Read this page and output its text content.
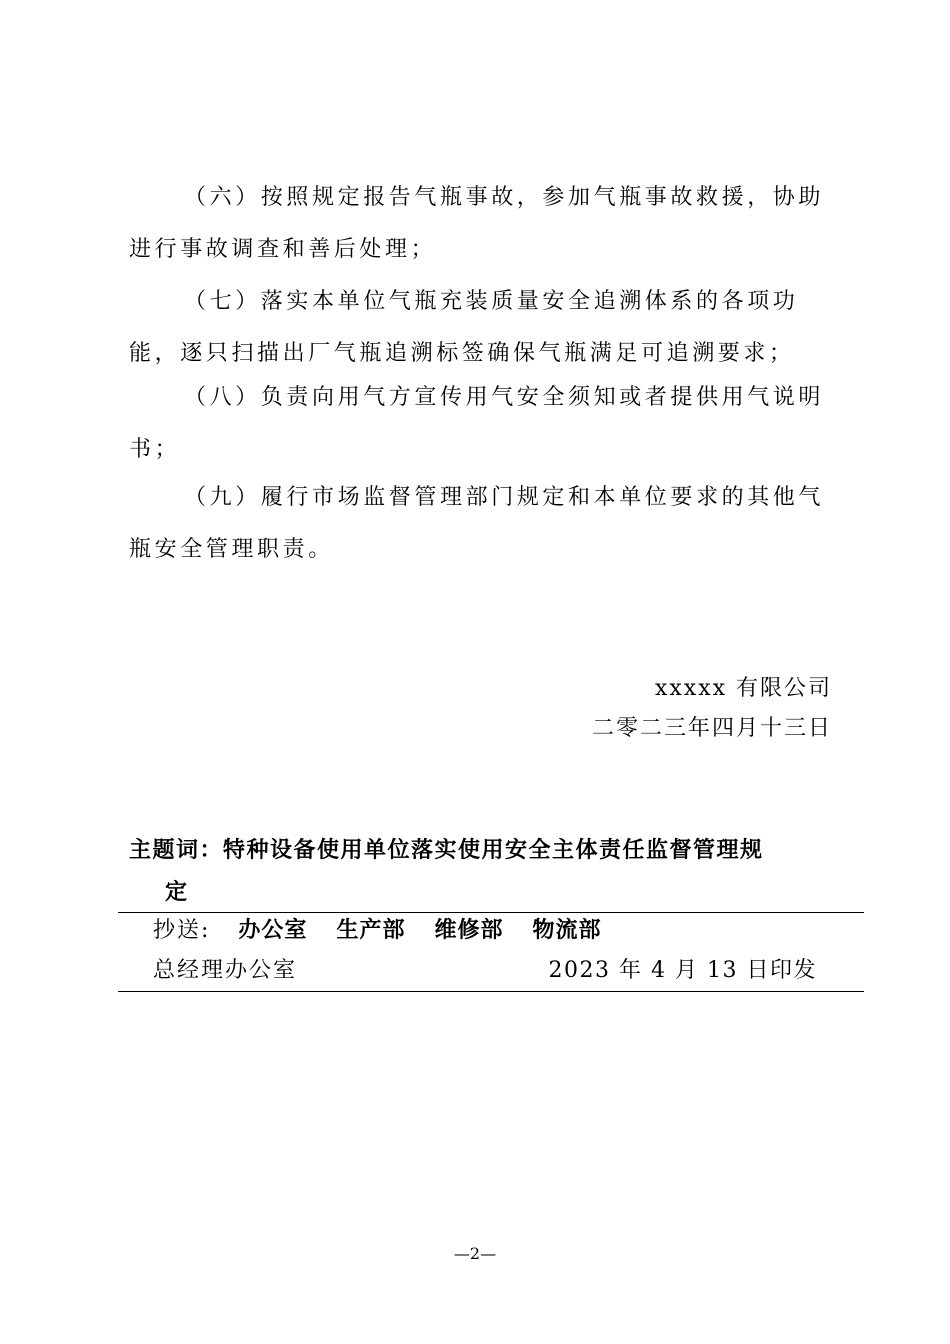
（六）按照规定报告气瓶事故，参加气瓶事故救援，协助进行事故调查和善后处理；

（七）落实本单位气瓶充装质量安全追溯体系的各项功能，逐只扫描出厂气瓶追溯标签确保气瓶满足可追溯要求；

（八）负责向用气方宣传用气安全须知或者提供用气说明书；

（九）履行市场监督管理部门规定和本单位要求的其他气瓶安全管理职责。

xxxxx 有限公司
二零二三年四月十三日
主题词：特种设备使用单位落实使用安全主体责任监督管理规
定
抄送: 办公室 生产部 维修部 物流部
总经理办公室	2023 年 4 月 13 日印发
—2—
